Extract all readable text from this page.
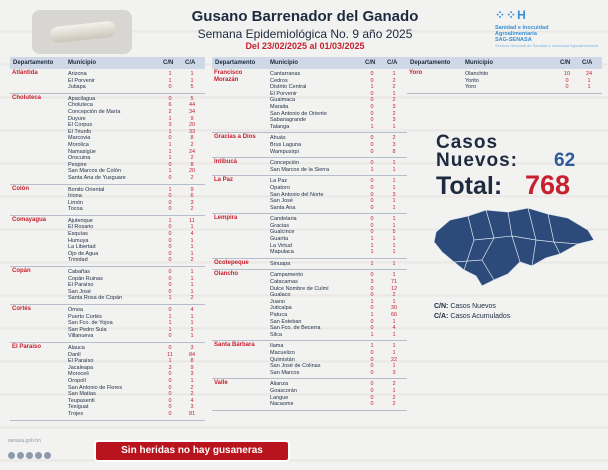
Gusano Barrenador del Ganado
Semana Epidemiológica No. 9 año 2025
Del 23/02/2025 al 01/03/2025
⁘⁘H
Sanidad e Inocuidad
Agroalimentaria
SAG-SENASA
Servicio Nacional de Sanidad e Inocuidad Agroalimentaria
Departamento Municipio	C/N C/A
Atlántida	Arizona	1	1
El Porvenir	1	1
Jutiapa	0	5
Choluteca	Apacilagua	0	5
Choluteca	6	44
Concepción de María	2	34
Duyure	1	9
El Corpus	3	20
El Triunfo	1	33
Marcovia	0	8
Morolica	1	2
Namasigüe	1	24
Orocuina	1	2
Pespire	0	8
San Marcos de Colón	1	20
Santa Ana de Yusguare	0	2
Colón	Bonito Oriental	1	9
Iriona	0	6
Limón	0	3
Tocoa	0	2
Comayagua	Ajuterique	1	11
El Rosario	0	1
Esquías	0	4
Humuya	0	1
La Libertad	0	1
Ojo de Agua	0	1
Trinidad	0	2
Copán	Cabañas	0	1
Copán Ruinas	0	1
El Paraíso	0	1
San José	0	1
Santa Rosa de Copán	1	2
Cortés	Omoa	0	4
Puerto Cortés	1	1
San Fco. de Yojoa	1	1
San Pedro Sula	1	1
Villanueva	0	1
El Paraíso	Alauca	0	3
Danlí	11	84
El Paraíso	1	8
Jacaleapa	3	9
Moroceli	0	3
Oropolí	0	1
San Antonio de Flores	0	2
San Matías	0	2
Teupasenti	0	4
Texiguat	0	3
Trojes	0	81
Departamento Municipio	C/N C/A
Francisco Morazán
Cantarranas	0	1
Cedros	0	2
Distrito Central	1	2
El Porvenir	0	1
Guaimaca	0	2
Maraita	0	3
San Antonio de Oriente	0	2
Sabanagrande	0	3
Talanga	1	1
Gracias a Dios	Ahuás	0	2
Brus Laguna	0	3
Wampusirpi	0	8
Intibucá	Concepción	0	1
San Marcos de la Sierra	1	1
La Paz	La Paz	0	1
Opatoro	0	1
San Antonio del Norte	0	3
San José	0	1
Santa Ana	0	1
Lempira	Candelaria	0	1
Gracias	0	1
Gualcince	0	5
Guarita	1	1
La Virtud	1	1
Mapulaca	1	1
Ocotepeque	Sinuapa	1	1
Olancho	Campamento	0	1
Catacamas	3	71
Dulce Nombre de Culmí	0	12
Gualaco	0	2
Juano	1	1
Juticalpa	0	30
Patuca	1	66
San Esteban	0	1
San Fco. de Becerra	0	4
Silca	1	1
Santa Bárbara	Ilama	1	1
Macuelizo	0	1
Quimistán	0	22
San José de Colinas	0	1
San Marcos	0	3
Valle	Alianza	0	2
Goascorán	0	1
Langue	0	2
Nacaome	0	2
Departamento Municipio	C/N C/A
Yoro	Olanchito	10	24
Yorito	0	1
Yoro	0	1
Casos
Nuevos: 62
Total: 768
C/N: Casos Nuevos
C/A: Casos Acumulados
senasa.gob.hn
Sin heridas no hay gusaneras
